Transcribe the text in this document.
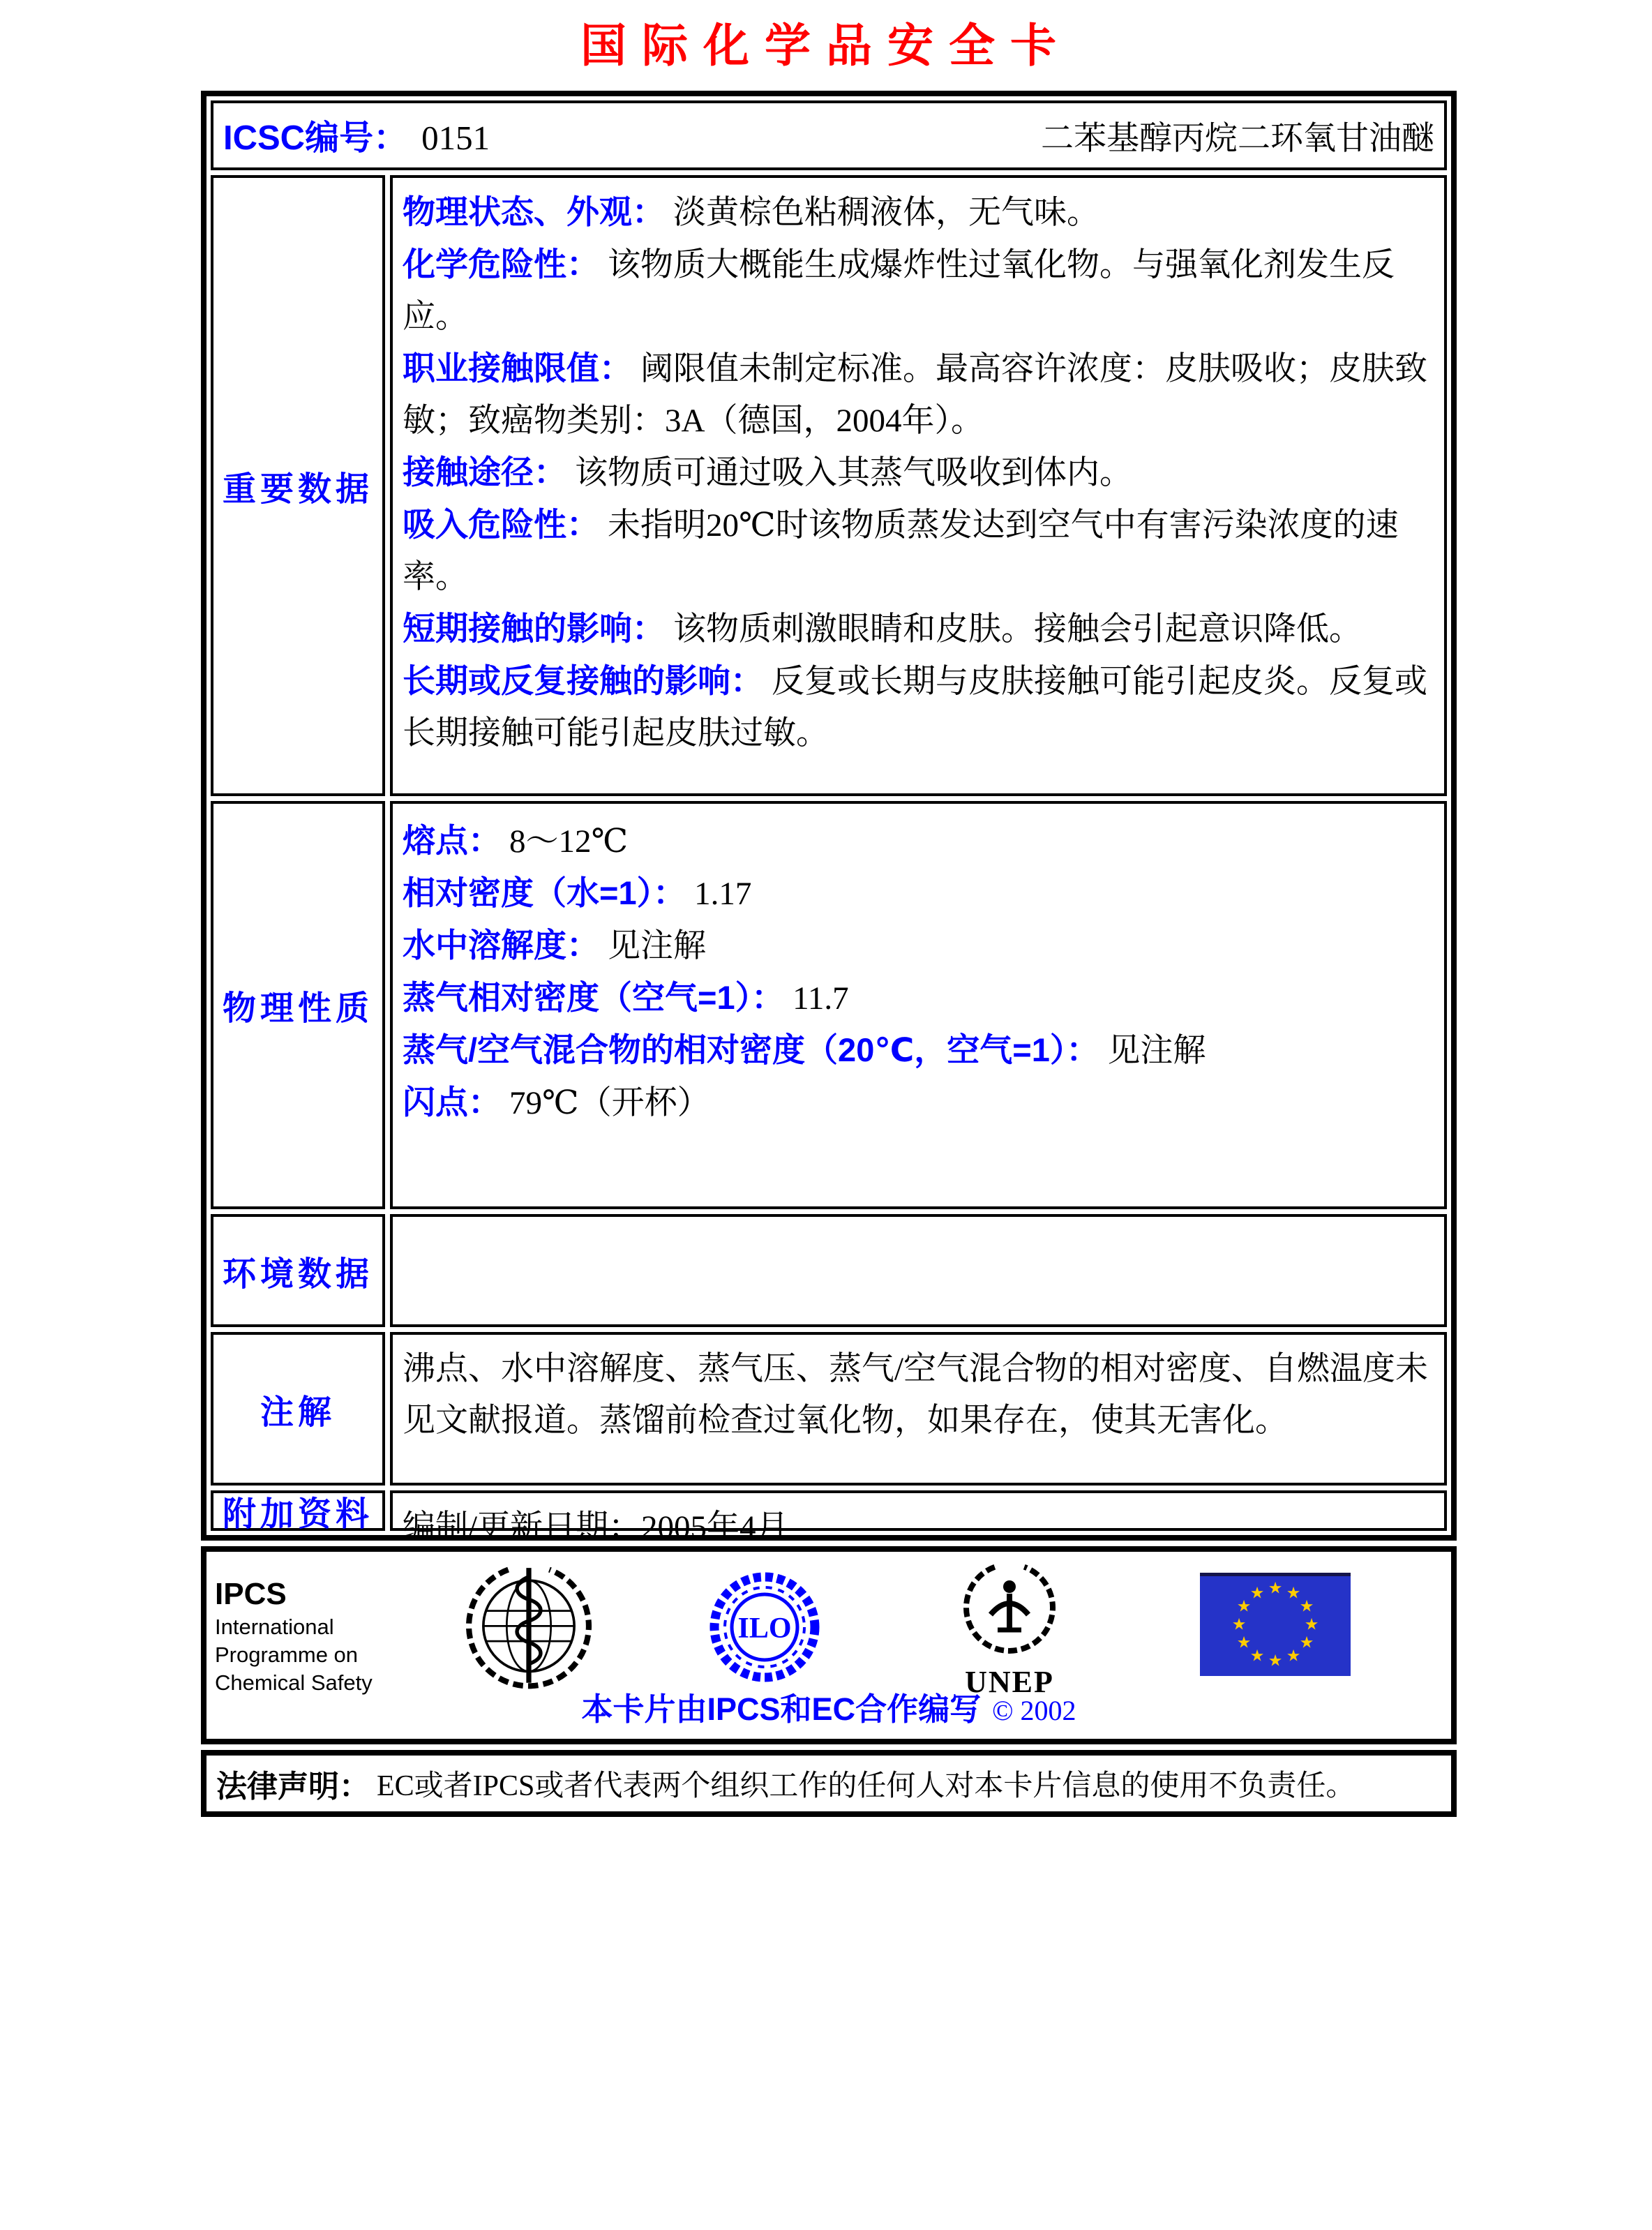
国际化学品安全卡
ICSC编号： 0151	二苯基醇丙烷二环氧甘油醚
重要数据

物理状态、外观： 淡黄棕色粘稠液体，无气味。

化学危险性： 该物质大概能生成爆炸性过氧化物。与强氧化剂发生反应。

职业接触限值： 阈限值未制定标准。最高容许浓度：皮肤吸收；皮肤致敏；致癌物类别：3A（德国，2004年）。

接触途径： 该物质可通过吸入其蒸气吸收到体内。

吸入危险性： 未指明20℃时该物质蒸发达到空气中有害污染浓度的速率。

短期接触的影响： 该物质刺激眼睛和皮肤。接触会引起意识降低。

长期或反复接触的影响： 反复或长期与皮肤接触可能引起皮炎。反复或长期接触可能引起皮肤过敏。

物理性质

熔点： 8～12℃

相对密度（水=1）： 1.17

水中溶解度： 见注解

蒸气相对密度（空气=1）： 11.7

蒸气/空气混合物的相对密度（20℃，空气=1）： 见注解

闪点： 79℃（开杯）

环境数据
注解

沸点、水中溶解度、蒸气压、蒸气/空气混合物的相对密度、自燃温度未见文献报道。蒸馏前检查过氧化物，如果存在，使其无害化。

附加资料 编制/更新日期：2005年4月

IPCS
International
Programme on
Chemical Safety
ILO
UNEP
★ ★
★
★
★
★
★
★
★
★
★
★
本卡片由IPCS和EC合作编写 © 2002
法律声明： EC或者IPCS或者代表两个组织工作的任何人对本卡片信息的使用不负责任。
